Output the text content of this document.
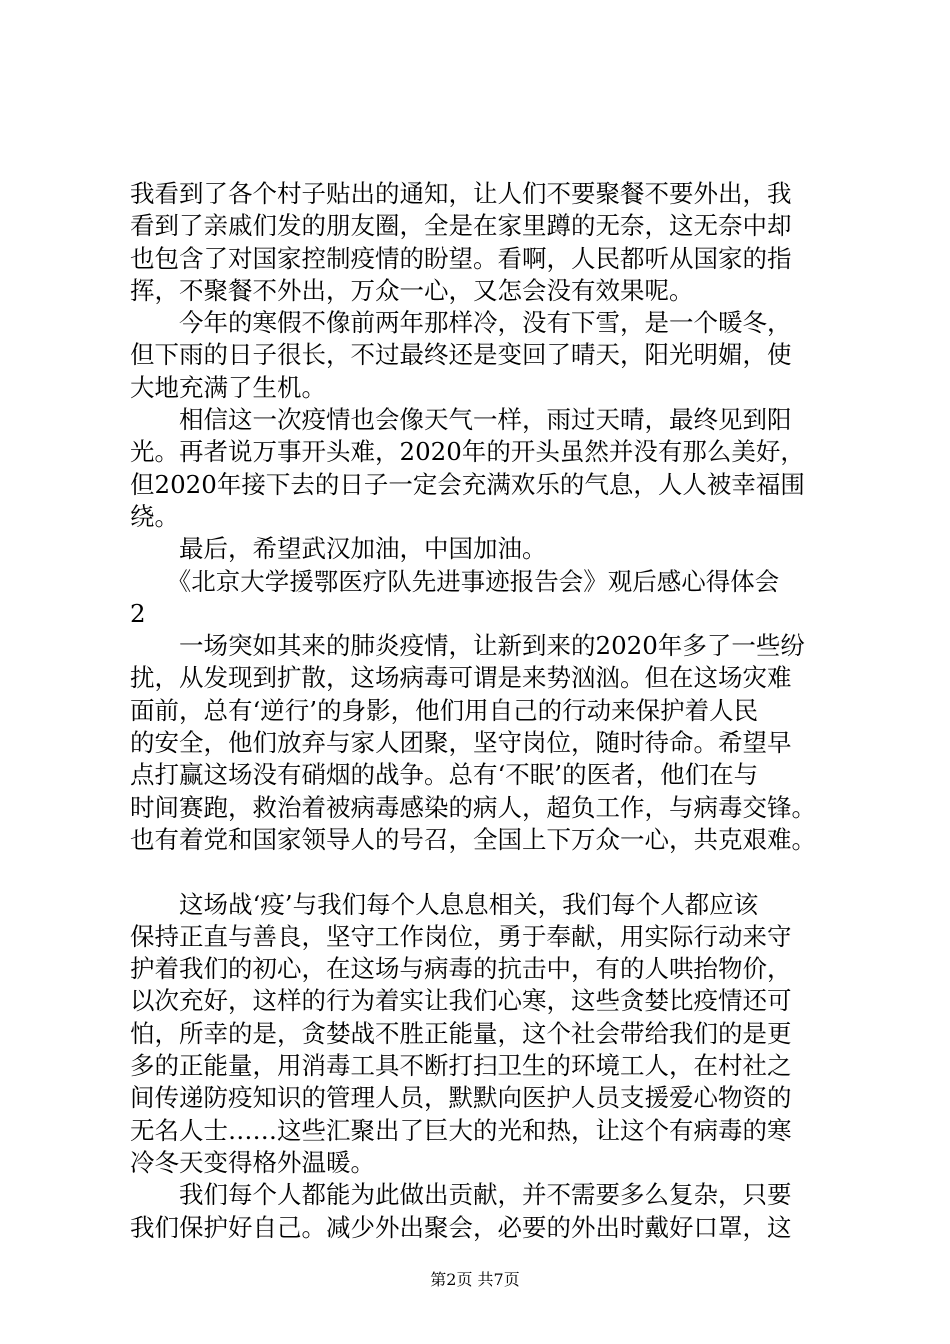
我看到了各个村子贴出的通知，让人们不要聚餐不要外出，我
看到了亲戚们发的朋友圈，全是在家里蹲的无奈，这无奈中却
也包含了对国家控制疫情的盼望。看啊，人民都听从国家的指
挥，不聚餐不外出，万众一心，又怎会没有效果呢。
　　今年的寒假不像前两年那样冷，没有下雪，是一个暖冬，
但下雨的日子很长，不过最终还是变回了晴天，阳光明媚，使
大地充满了生机。
　　相信这一次疫情也会像天气一样，雨过天晴，最终见到阳
光。再者说万事开头难，2020年的开头虽然并没有那么美好，
但2020年接下去的日子一定会充满欢乐的气息，人人被幸福围
绕。
　　最后，希望武汉加油，中国加油。
　　《北京大学援鄂医疗队先进事迹报告会》观后感心得体会
2
　　一场突如其来的肺炎疫情，让新到来的2020年多了一些纷
扰，从发现到扩散，这场病毒可谓是来势汹汹。但在这场灾难
面前，总有‘逆行’的身影，他们用自己的行动来保护着人民
的安全，他们放弃与家人团聚，坚守岗位，随时待命。希望早
点打赢这场没有硝烟的战争。总有‘不眠’的医者，他们在与
时间赛跑，救治着被病毒感染的病人，超负工作，与病毒交锋。
也有着党和国家领导人的号召，全国上下万众一心，共克艰难。
　　这场战‘疫’与我们每个人息息相关，我们每个人都应该
保持正直与善良，坚守工作岗位，勇于奉献，用实际行动来守
护着我们的初心，在这场与病毒的抗击中，有的人哄抬物价，
以次充好，这样的行为着实让我们心寒，这些贪婪比疫情还可
怕，所幸的是，贪婪战不胜正能量，这个社会带给我们的是更
多的正能量，用消毒工具不断打扫卫生的环境工人，在村社之
间传递防疫知识的管理人员，默默向医护人员支援爱心物资的
无名人士……这些汇聚出了巨大的光和热，让这个有病毒的寒
冷冬天变得格外温暖。
　　我们每个人都能为此做出贡献，并不需要多么复杂，只要
我们保护好自己。减少外出聚会，必要的外出时戴好口罩，这
第2页 共7页
